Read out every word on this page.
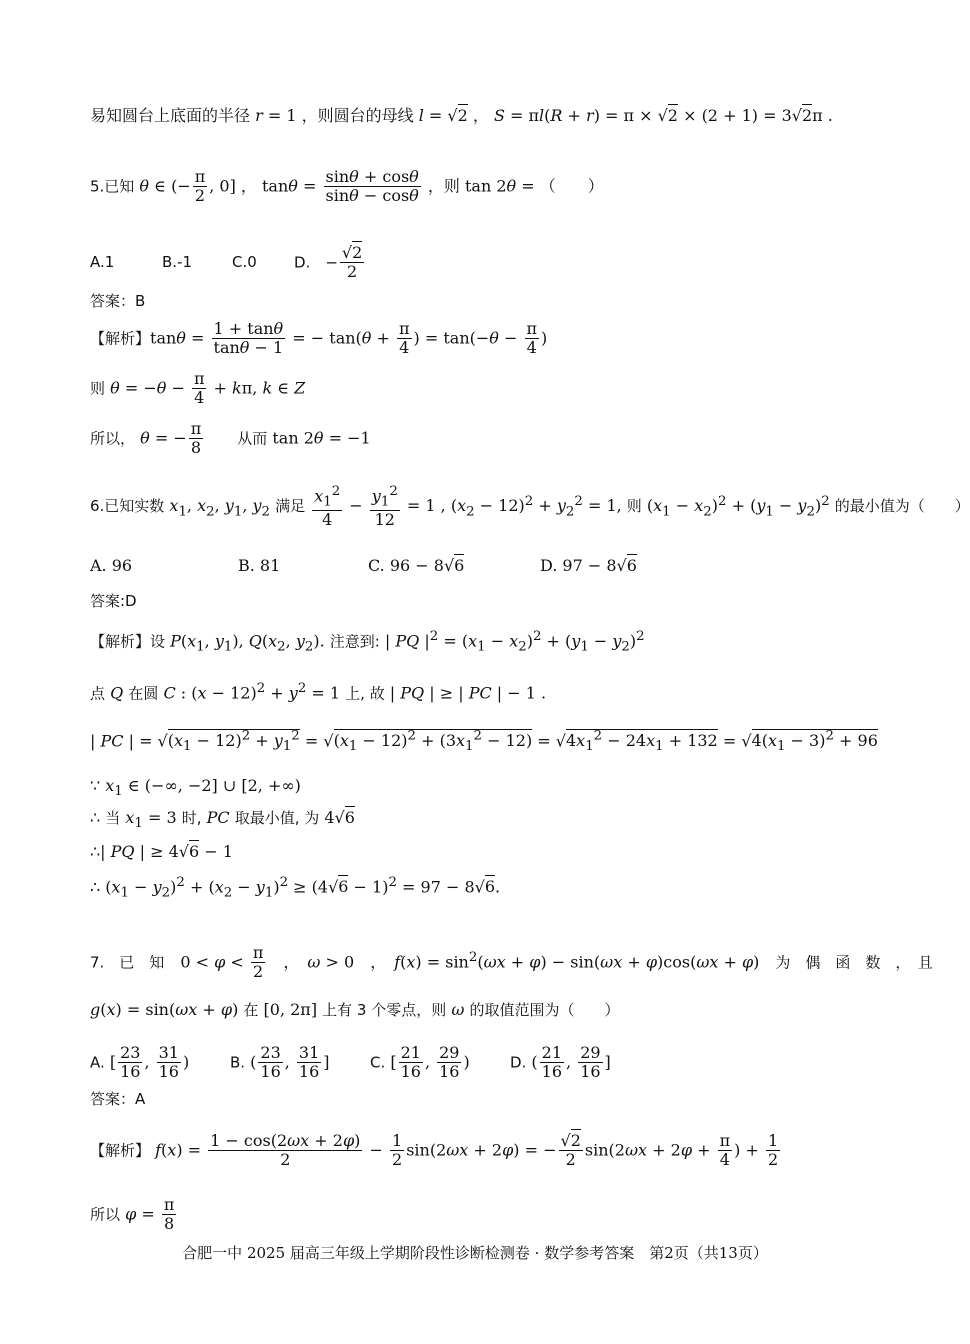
易知圆台上底面的半径 r = 1 ，则圆台的母线 l = √2 ， S = πl(R + r) = π × √2 × (2 + 1) = 3√2π .
5.已知 θ ∈ (− $\frac{\pi}{2}$ , 0] ， $\tan\theta = \frac{\sin\theta + \cos\theta}{\sin\theta - \cos\theta}$ ，则 tan 2θ = （　　）
A.1	B.-1	C.0 D.　− $\frac{√2}{2}$
答案：B
【解析】$\tan\theta = \frac{1 + \tan\theta}{\tan\theta - 1}$ = − $\tan(\theta + \frac{\pi}{4}$ ) = $\tan(-\theta - \frac{\pi}{4}$ )
则 $\theta = -\theta - \frac{\pi}{4} + k\pi$, k ∈ Z
所以， θ = − $\frac{\pi}{8}$
　　 从而 tan 2θ = −1
6.已知实数 $x_1$, $x_2$, $y_1$, $y_2$ 满足 $\frac{x_1^2}{4} - \frac{y_1^2}{12} = 1$ , $(x_2 - 12)^2 + y_2^2 = 1$, 则 $(x_1 - x_2)^2 + (y_1 - y_2)^2$ 的最小值为（　　）
A. 96	B. 81	C. 96 − 8√6	D. 97 − 8√6
答案:D
【解析】设 $P(x_1$, $y_1$), $Q(x_2$, $y_2$). 注意到: | PQ $|^2 = (x_1 - x_2)^2 + (y_1 - y_2)^2$
点 Q 在圆 C : $(x - 12)^2 + y^2 = 1$ 上, 故 | PQ | ≥ | PC | − 1 .
| PC | = $√(x_1 - 12)^2 + y_1^2 = √(x_1 - 12)^2 + (3x_1^2 - 12) = √4x_1^2 - 24x_1 + 132 = √4(x_1 - 3)^2 + 96$
∵ $x_1$ ∈ (−∞, −2] ∪ [2, +∞)
∴ 当 $x_1 = 3$ 时, PC 取最小值, 为 4√6
∴| PQ | ≥ 4√6 − 1
∴ $(x_1 - y_2)^2 + (x_2 - y_1)^2 \ge (4√6 - 1)^2 = 97 - 8√6$.
7.　已　知　$0 < \varphi < \frac{\pi}{2}$ 　，　ω > 0　，　$f(x) = \sin^2(\omega x + \varphi) - \sin(\omega x + \varphi)\cos(\omega x + \varphi)$　为　偶　函　数　，　且
g(x) = sin(ωx + φ) 在 [0, 2π] 上有 3 个零点，则 ω 的取值范围为（　　）
A. [ $\frac{23}{16}$ , $\frac{31}{16}$ )	B. ( $\frac{23}{16}$ , $\frac{31}{16}$ ]	C. [ $\frac{21}{16}$ , $\frac{29}{16}$ )	D. ( $\frac{21}{16}$ , $\frac{29}{16}$ ]
答案：A
【解析】 $f(x) = \frac{1 - \cos(2\omega x + 2\varphi)}{2} - \frac{1}{2} \sin(2\omega x + 2\varphi)$ = − $\frac{√2}{2} \sin(2\omega x + 2\varphi + \frac{\pi}{4}$ ) + $\frac{1}{2}$
所以 $\varphi = \frac{\pi}{8}$
合肥一中 2025 届高三年级上学期阶段性诊断检测卷 · 数学参考答案　第2页（共13页）
